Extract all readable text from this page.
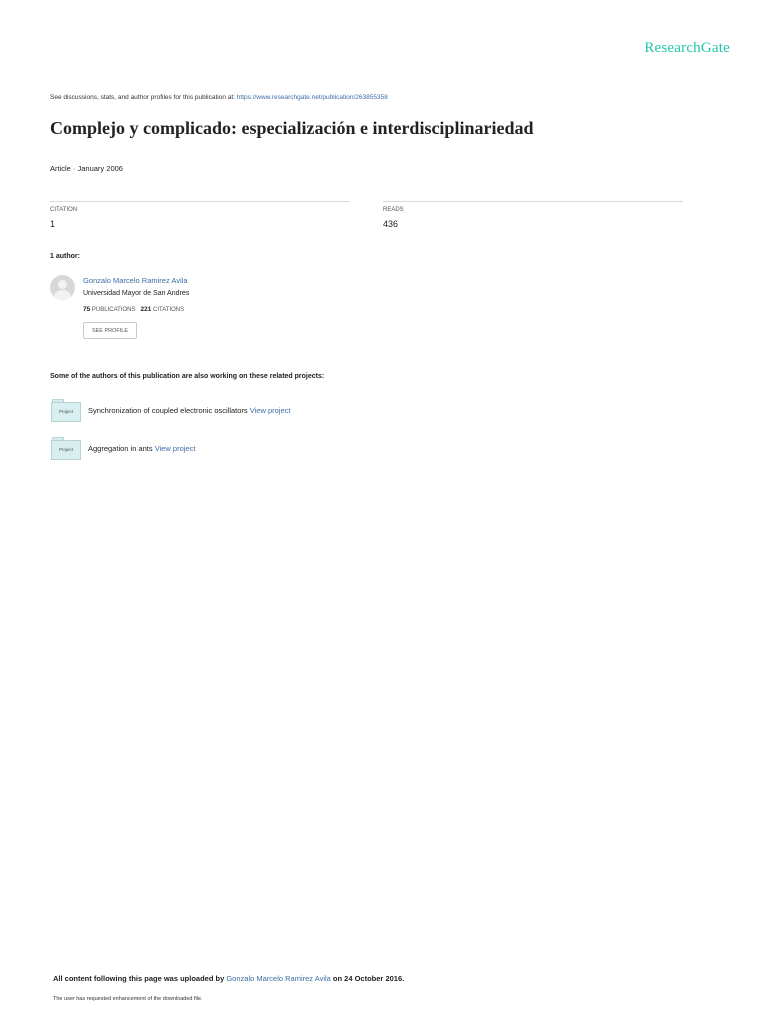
ResearchGate
See discussions, stats, and author profiles for this publication at: https://www.researchgate.net/publication/263855358
Complejo y complicado: especialización e interdisciplinariedad
Article · January 2006
CITATION
1
READS
436
1 author:
Gonzalo Marcelo Ramirez Avila
Universidad Mayor de San Andres
75 PUBLICATIONS 221 CITATIONS
SEE PROFILE
Some of the authors of this publication are also working on these related projects:
Project	Synchronization of coupled electronic oscillators View project
Project	Aggregation in ants View project
All content following this page was uploaded by Gonzalo Marcelo Ramirez Avila on 24 October 2016.
The user has requested enhancement of the downloaded file.
